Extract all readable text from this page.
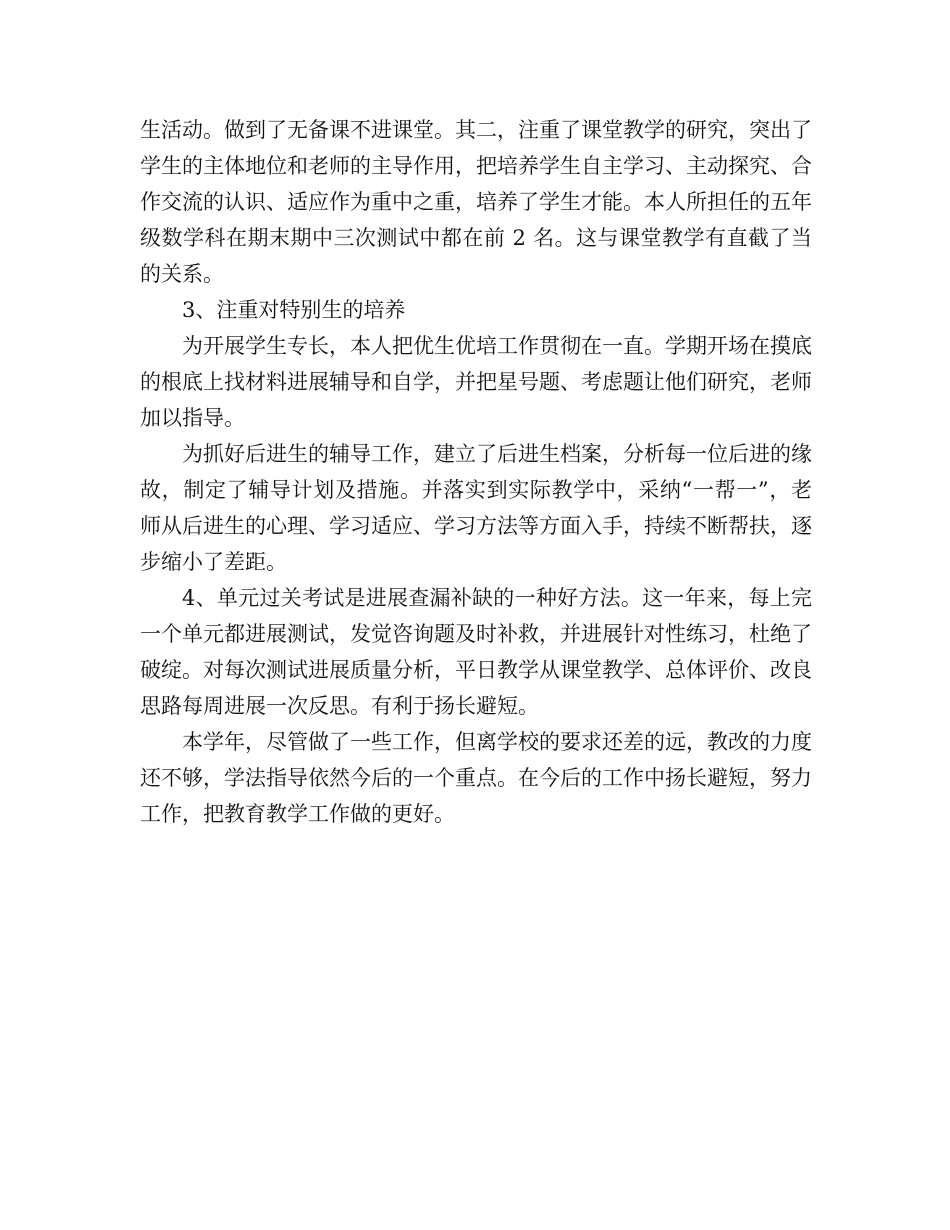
生活动。做到了无备课不进课堂。其二，注重了课堂教学的研究，突出了学生的主体地位和老师的主导作用，把培养学生自主学习、主动探究、合作交流的认识、适应作为重中之重，培养了学生才能。本人所担任的五年级数学科在期末期中三次测试中都在前 2 名。这与课堂教学有直截了当的关系。

3、注重对特别生的培养

为开展学生专长，本人把优生优培工作贯彻在一直。学期开场在摸底的根底上找材料进展辅导和自学，并把星号题、考虑题让他们研究，老师加以指导。

为抓好后进生的辅导工作，建立了后进生档案，分析每一位后进的缘故，制定了辅导计划及措施。并落实到实际教学中，采纳“一帮一”，老师从后进生的心理、学习适应、学习方法等方面入手，持续不断帮扶，逐步缩小了差距。

4、单元过关考试是进展查漏补缺的一种好方法。这一年来，每上完一个单元都进展测试，发觉咨询题及时补救，并进展针对性练习，杜绝了破绽。对每次测试进展质量分析，平日教学从课堂教学、总体评价、改良思路每周进展一次反思。有利于扬长避短。

本学年，尽管做了一些工作，但离学校的要求还差的远，教改的力度还不够，学法指导依然今后的一个重点。在今后的工作中扬长避短，努力工作，把教育教学工作做的更好。
